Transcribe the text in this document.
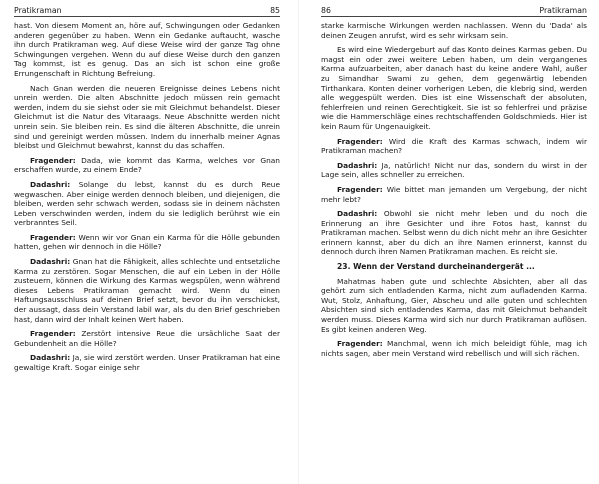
Pratikraman	85

hast. Von diesem Moment an, höre auf, Schwingungen oder Gedanken anderen gegenüber zu haben. Wenn ein Gedanke auftaucht, wasche ihn durch Pratikraman weg. Auf diese Weise wird der ganze Tag ohne Schwingungen vergehen. Wenn du auf diese Weise durch den ganzen Tag kommst, ist es genug. Das an sich ist schon eine große Errungenschaft in Richtung Befreiung.

Nach Gnan werden die neueren Ereignisse deines Lebens nicht unrein werden. Die alten Abschnitte jedoch müssen rein gemacht werden, indem du sie siehst oder sie mit Gleichmut behandelst. Dieser Gleichmut ist die Natur des Vitaraags. Neue Abschnitte werden nicht unrein sein. Sie bleiben rein. Es sind die älteren Abschnitte, die unrein sind und gereinigt werden müssen. Indem du innerhalb meiner Agnas bleibst und Gleichmut bewahrst, kannst du das schaffen.

Fragender: Dada, wie kommt das Karma, welches vor Gnan erschaffen wurde, zu einem Ende?

Dadashri: Solange du lebst, kannst du es durch Reue wegwaschen. Aber einige werden dennoch bleiben, und diejenigen, die bleiben, werden sehr schwach werden, sodass sie in deinem nächsten Leben verschwinden werden, indem du sie lediglich berührst wie ein verbranntes Seil.

Fragender: Wenn wir vor Gnan ein Karma für die Hölle gebunden hatten, gehen wir dennoch in die Hölle?

Dadashri: Gnan hat die Fähigkeit, alles schlechte und entsetzliche Karma zu zerstören. Sogar Menschen, die auf ein Leben in der Hölle zusteuern, können die Wirkung des Karmas wegspülen, wenn während dieses Lebens Pratikraman gemacht wird. Wenn du einen Haftungsausschluss auf deinen Brief setzt, bevor du ihn verschickst, der aussagt, dass dein Verstand labil war, als du den Brief geschrieben hast, dann wird der Inhalt keinen Wert haben.

Fragender: Zerstört intensive Reue die ursächliche Saat der Gebundenheit an die Hölle?

Dadashri: Ja, sie wird zerstört werden. Unser Pratikraman hat eine gewaltige Kraft. Sogar einige sehr

86	Pratikraman

starke karmische Wirkungen werden nachlassen. Wenn du 'Dada' als deinen Zeugen anrufst, wird es sehr wirksam sein.

Es wird eine Wiedergeburt auf das Konto deines Karmas geben. Du magst ein oder zwei weitere Leben haben, um dein vergangenes Karma aufzuarbeiten, aber danach hast du keine andere Wahl, außer zu Simandhar Swami zu gehen, dem gegenwärtig lebenden Tirthankara. Konten deiner vorherigen Leben, die klebrig sind, werden alle weggespült werden. Dies ist eine Wissenschaft der absoluten, fehlerfreien und reinen Gerechtigkeit. Sie ist so fehlerfrei und präzise wie die Hammerschläge eines rechtschaffenden Goldschmieds. Hier ist kein Raum für Ungenauigkeit.

Fragender: Wird die Kraft des Karmas schwach, indem wir Pratikraman machen?

Dadashri: Ja, natürlich! Nicht nur das, sondern du wirst in der Lage sein, alles schneller zu erreichen.

Fragender: Wie bittet man jemanden um Vergebung, der nicht mehr lebt?

Dadashri: Obwohl sie nicht mehr leben und du noch die Erinnerung an ihre Gesichter und ihre Fotos hast, kannst du Pratikraman machen. Selbst wenn du dich nicht mehr an ihre Gesichter erinnern kannst, aber du dich an ihre Namen erinnerst, kannst du dennoch durch ihren Namen Pratikraman machen. Es reicht sie.

23. Wenn der Verstand durcheinandergerät ...

Mahatmas haben gute und schlechte Absichten, aber all das gehört zum sich entladenden Karma, nicht zum aufladenden Karma. Wut, Stolz, Anhaftung, Gier, Abscheu und alle guten und schlechten Absichten sind sich entladendes Karma, das mit Gleichmut behandelt werden muss. Dieses Karma wird sich nur durch Pratikraman auflösen. Es gibt keinen anderen Weg.

Fragender: Manchmal, wenn ich mich beleidigt fühle, mag ich nichts sagen, aber mein Verstand wird rebellisch und will sich rächen.
